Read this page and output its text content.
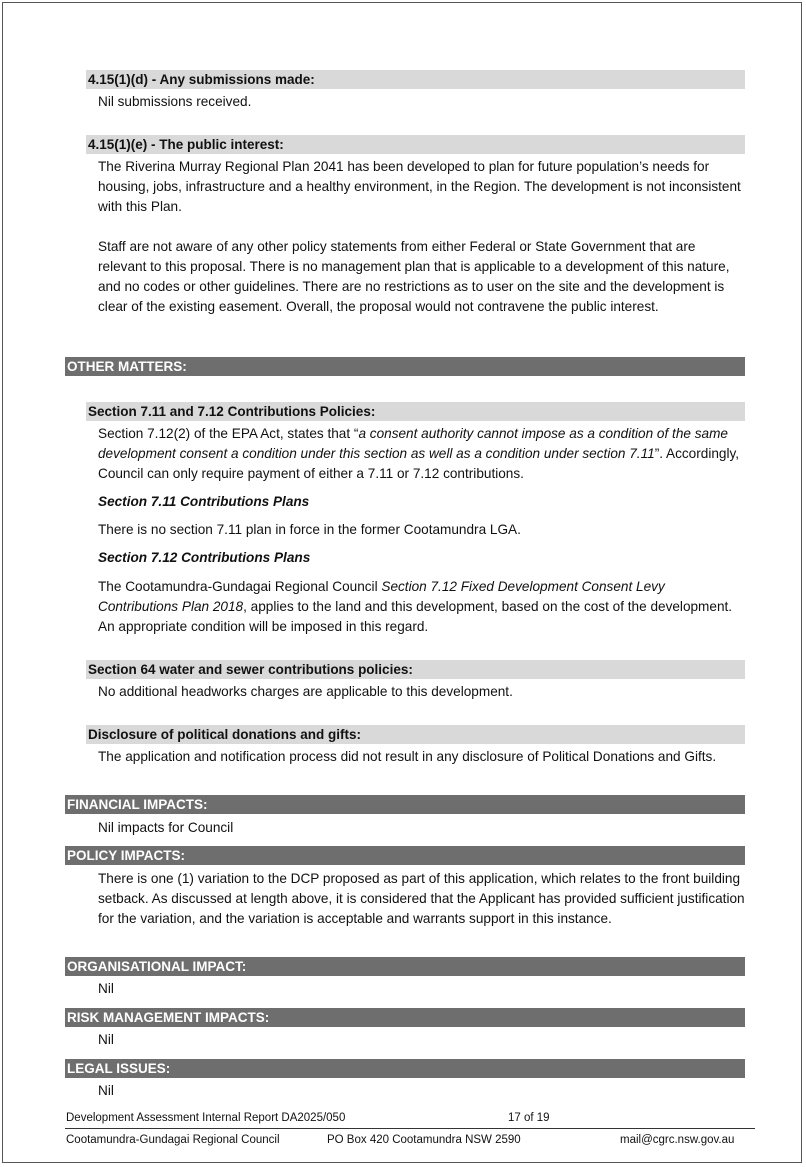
4.15(1)(d) - Any submissions made:

Nil submissions received.

4.15(1)(e) - The public interest:

The Riverina Murray Regional Plan 2041 has been developed to plan for future population’s needs for housing, jobs, infrastructure and a healthy environment, in the Region. The development is not inconsistent with this Plan.

Staff are not aware of any other policy statements from either Federal or State Government that are relevant to this proposal. There is no management plan that is applicable to a development of this nature, and no codes or other guidelines. There are no restrictions as to user on the site and the development is clear of the existing easement. Overall, the proposal would not contravene the public interest.

OTHER MATTERS:
Section 7.11 and 7.12 Contributions Policies:

Section 7.12(2) of the EPA Act, states that “a consent authority cannot impose as a condition of the same development consent a condition under this section as well as a condition under section 7.11”. Accordingly, Council can only require payment of either a 7.11 or 7.12 contributions.

Section 7.11 Contributions Plans

There is no section 7.11 plan in force in the former Cootamundra LGA.

Section 7.12 Contributions Plans

The Cootamundra-Gundagai Regional Council Section 7.12 Fixed Development Consent Levy Contributions Plan 2018, applies to the land and this development, based on the cost of the development. An appropriate condition will be imposed in this regard.

Section 64 water and sewer contributions policies:

No additional headworks charges are applicable to this development.

Disclosure of political donations and gifts:

The application and notification process did not result in any disclosure of Political Donations and Gifts.

FINANCIAL IMPACTS:

Nil impacts for Council

POLICY IMPACTS:

There is one (1) variation to the DCP proposed as part of this application, which relates to the front building setback. As discussed at length above, it is considered that the Applicant has provided sufficient justification for the variation, and the variation is acceptable and warrants support in this instance.

ORGANISATIONAL IMPACT:

Nil

RISK MANAGEMENT IMPACTS:

Nil

LEGAL ISSUES:

Nil

Development Assessment Internal Report DA2025/050	17 of 19
Cootamundra-Gundagai Regional Council	PO Box 420 Cootamundra NSW 2590	mail@cgrc.nsw.gov.au
